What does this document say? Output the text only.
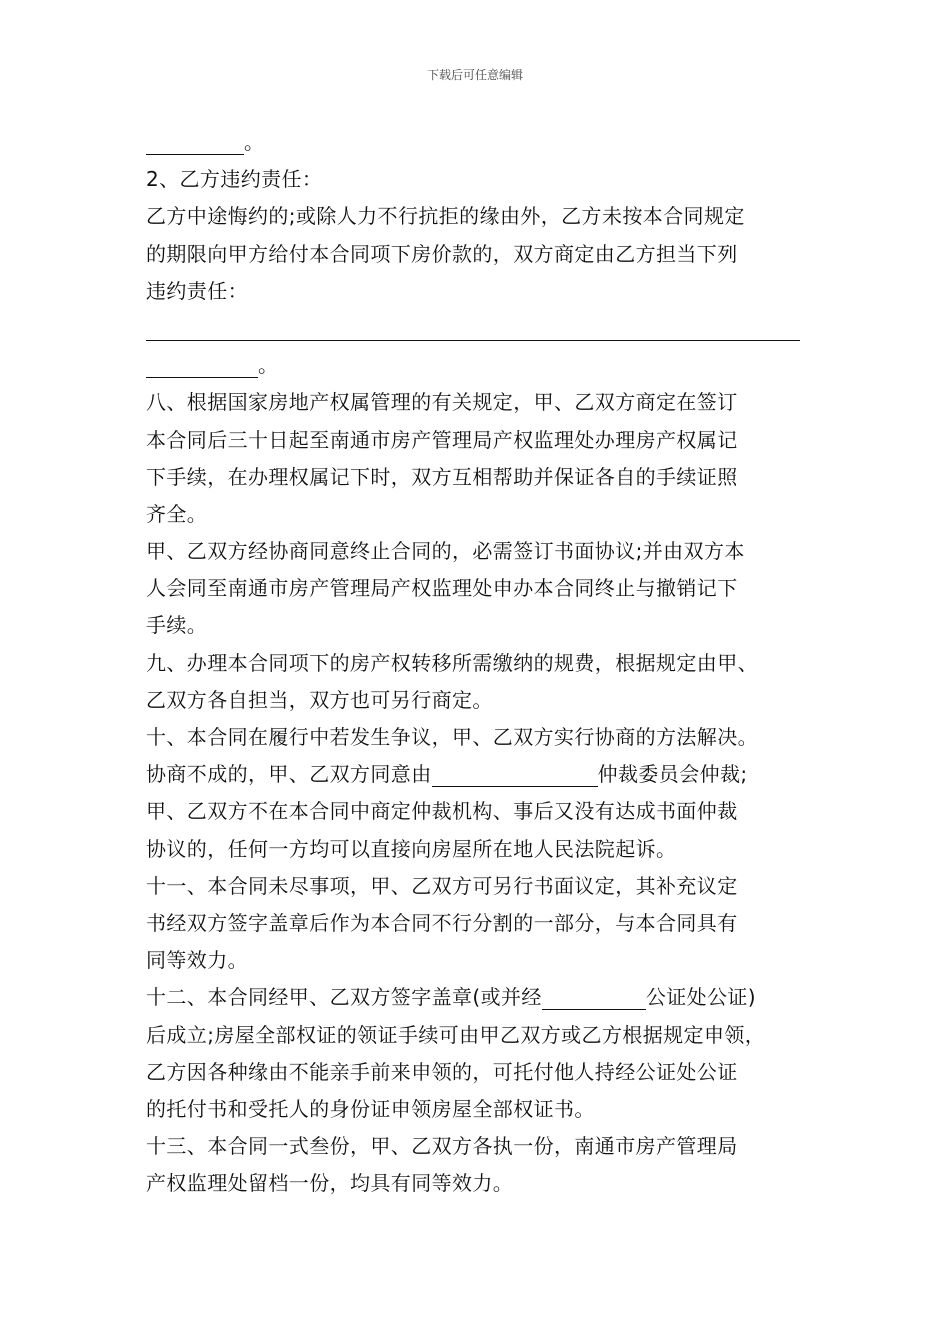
下载后可任意编辑
。
2、乙方违约责任：
乙方中途悔约的;或除人力不行抗拒的缘由外，乙方未按本合同规定
的期限向甲方给付本合同项下房价款的，双方商定由乙方担当下列
违约责任：
。
八、根据国家房地产权属管理的有关规定，甲、乙双方商定在签订
本合同后三十日起至南通市房产管理局产权监理处办理房产权属记
下手续，在办理权属记下时，双方互相帮助并保证各自的手续证照
齐全。
甲、乙双方经协商同意终止合同的，必需签订书面协议;并由双方本
人会同至南通市房产管理局产权监理处申办本合同终止与撤销记下
手续。
九、办理本合同项下的房产权转移所需缴纳的规费，根据规定由甲、
乙双方各自担当，双方也可另行商定。
十、本合同在履行中若发生争议，甲、乙双方实行协商的方法解决。
协商不成的，甲、乙双方同意由	仲裁委员会仲裁;
甲、乙双方不在本合同中商定仲裁机构、事后又没有达成书面仲裁
协议的，任何一方均可以直接向房屋所在地人民法院起诉。
十一、本合同未尽事项，甲、乙双方可另行书面议定，其补充议定
书经双方签字盖章后作为本合同不行分割的一部分，与本合同具有
同等效力。
十二、本合同经甲、乙双方签字盖章(或并经	公证处公证)
后成立;房屋全部权证的领证手续可由甲乙双方或乙方根据规定申领，
乙方因各种缘由不能亲手前来申领的，可托付他人持经公证处公证
的托付书和受托人的身份证申领房屋全部权证书。
十三、本合同一式叁份，甲、乙双方各执一份，南通市房产管理局
产权监理处留档一份，均具有同等效力。
